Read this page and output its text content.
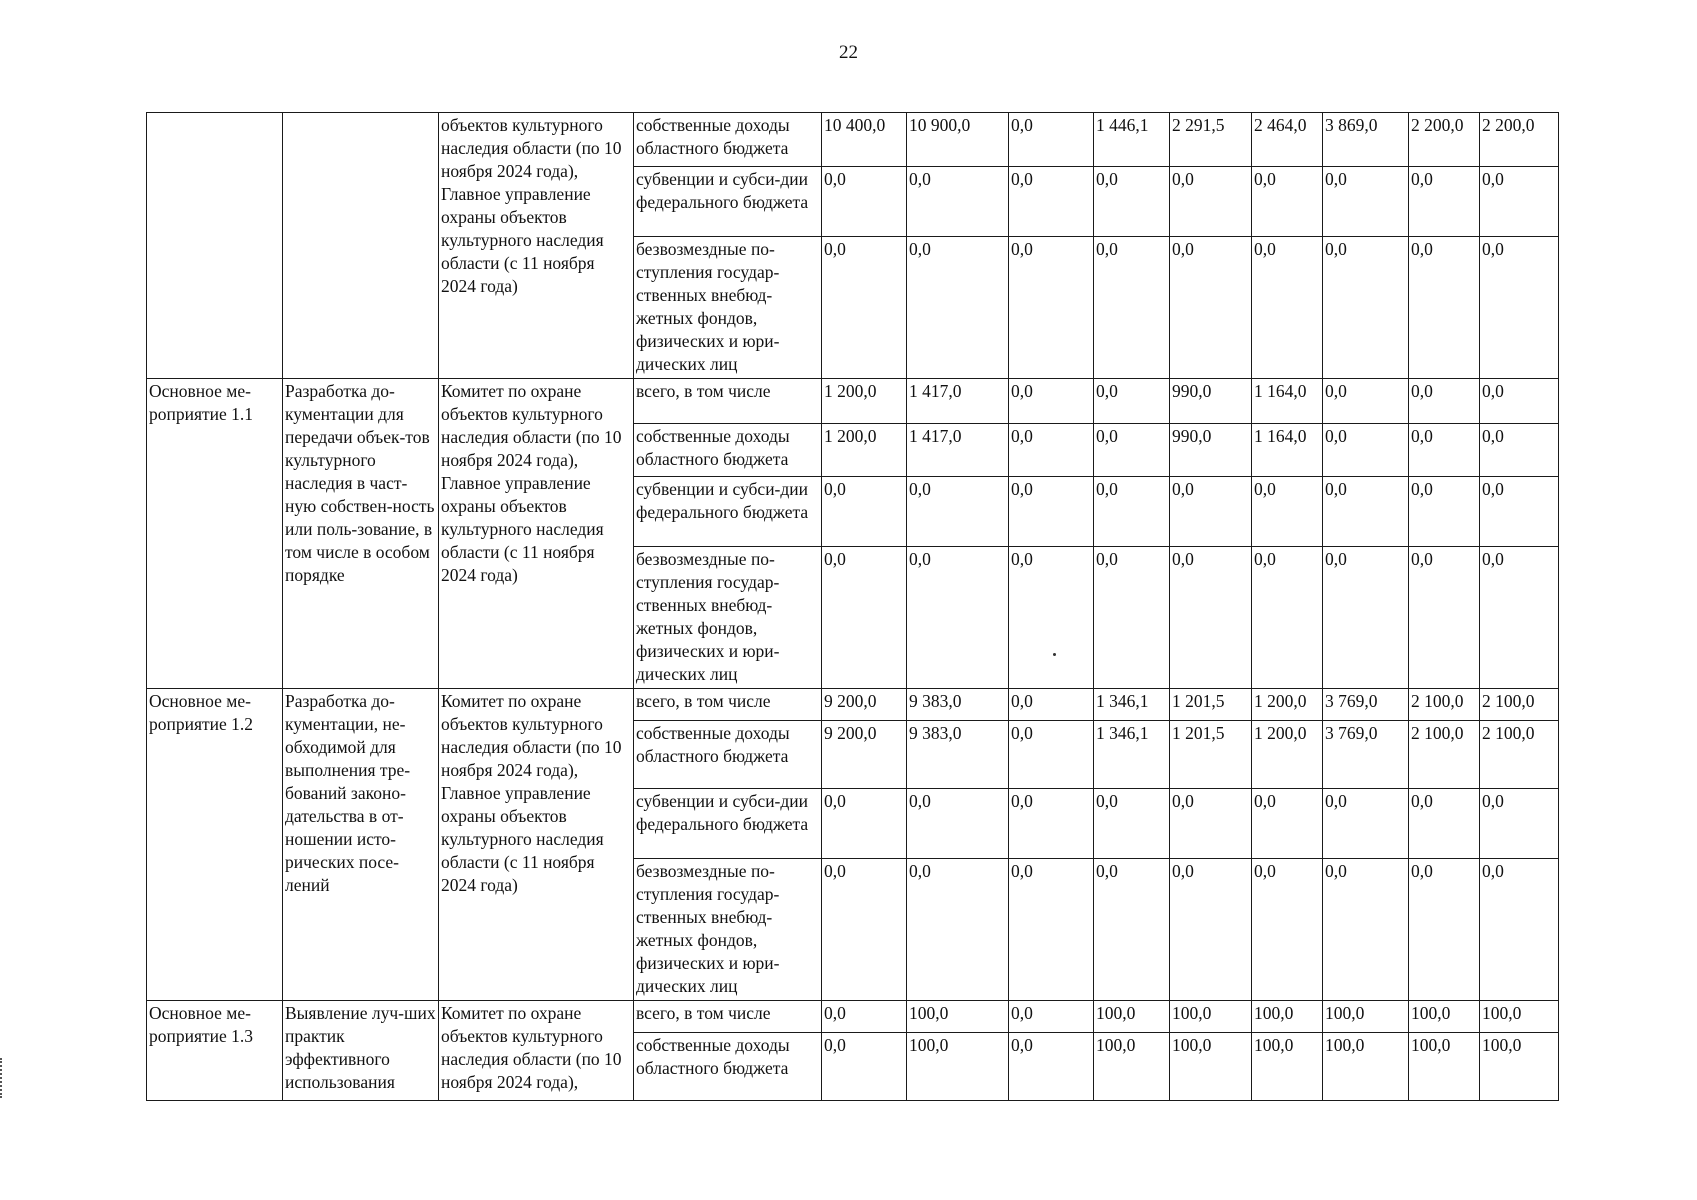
22
		объектов культурного наследия области (по 10 ноября 2024 года), Главное управление охраны объектов культурного наследия области (с 11 ноября 2024 года)	собственные доходы областного бюджета	10 400,0	10 900,0	0,0	1 446,1	2 291,5	2 464,0	3 869,0	2 200,0	2 200,0
			субвенции и субси-дии федерального бюджета	0,0	0,0	0,0	0,0	0,0	0,0	0,0	0,0	0,0
			безвозмездные по-ступления государ-ственных внебюд-жетных фондов, физических и юри-дических лиц	0,0	0,0	0,0	0,0	0,0	0,0	0,0	0,0	0,0
Основное ме-роприятие 1.1	Разработка до-кументации для передачи объек-тов культурного наследия в част-ную собствен-ность или поль-зование, в том числе в особом порядке	Комитет по охране объектов культурного наследия области (по 10 ноября 2024 года), Главное управление охраны объектов культурного наследия области (с 11 ноября 2024 года)	всего, в том числе	1 200,0	1 417,0	0,0	0,0	990,0	1 164,0	0,0	0,0	0,0
			собственные доходы областного бюджета	1 200,0	1 417,0	0,0	0,0	990,0	1 164,0	0,0	0,0	0,0
			субвенции и субси-дии федерального бюджета	0,0	0,0	0,0	0,0	0,0	0,0	0,0	0,0	0,0
			безвозмездные по-ступления государ-ственных внебюд-жетных фондов, физических и юри-дических лиц	0,0	0,0	0,0	0,0	0,0	0,0	0,0	0,0	0,0
Основное ме-роприятие 1.2	Разработка до-кументации, не-обходимой для выполнения тре-бований законо-дательства в от-ношении исто-рических посе-лений	Комитет по охране объектов культурного наследия области (по 10 ноября 2024 года), Главное управление охраны объектов культурного наследия области (с 11 ноября 2024 года)	всего, в том числе	9 200,0	9 383,0	0,0	1 346,1	1 201,5	1 200,0	3 769,0	2 100,0	2 100,0
			собственные доходы областного бюджета	9 200,0	9 383,0	0,0	1 346,1	1 201,5	1 200,0	3 769,0	2 100,0	2 100,0
			субвенции и субси-дии федерального бюджета	0,0	0,0	0,0	0,0	0,0	0,0	0,0	0,0	0,0
			безвозмездные по-ступления государ-ственных внебюд-жетных фондов, физических и юри-дических лиц	0,0	0,0	0,0	0,0	0,0	0,0	0,0	0,0	0,0
Основное ме-роприятие 1.3	Выявление луч-ших практик эффективного использования	Комитет по охране объектов культурного наследия области (по 10 ноября 2024 года),	всего, в том числе	0,0	100,0	0,0	100,0	100,0	100,0	100,0	100,0	100,0
			собственные доходы областного бюджета	0,0	100,0	0,0	100,0	100,0	100,0	100,0	100,0	100,0
